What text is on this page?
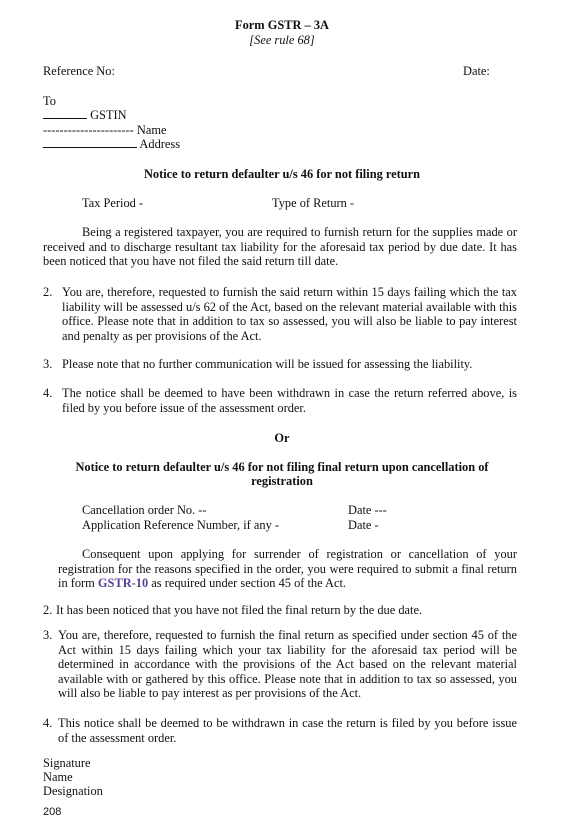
Form GSTR – 3A
[See rule 68]
Reference No:	Date:
To
GSTIN
---------------------- Name
Address
Notice to return defaulter u/s 46 for not filing return
Tax Period -	Type of Return -

Being a registered taxpayer, you are required to furnish return for the supplies made or received and to discharge resultant tax liability for the aforesaid tax period by due date. It has been noticed that you have not filed the said return till date.

2. You are, therefore, requested to furnish the said return within 15 days failing which the tax liability will be assessed u/s 62 of the Act, based on the relevant material available with this office. Please note that in addition to tax so assessed, you will also be liable to pay interest and penalty as per provisions of the Act.
3. Please note that no further communication will be issued for assessing the liability.
4. The notice shall be deemed to have been withdrawn in case the return referred above, is filed by you before issue of the assessment order.
Or
Notice to return defaulter u/s 46 for not filing final return upon cancellation of
registration
Cancellation order No. --	Date ---
Application Reference Number, if any -	Date -

Consequent upon applying for surrender of registration or cancellation of your registration for the reasons specified in the order, you were required to submit a final return in form GSTR-10 as required under section 45 of the Act.

2. It has been noticed that you have not filed the final return by the due date.
3. You are, therefore, requested to furnish the final return as specified under section 45 of the Act within 15 days failing which your tax liability for the aforesaid tax period will be determined in accordance with the provisions of the Act based on the relevant material available with or gathered by this office. Please note that in addition to tax so assessed, you will also be liable to pay interest as per provisions of the Act.
4. This notice shall be deemed to be withdrawn in case the return is filed by you before issue of the assessment order.
Signature
Name
Designation
208
